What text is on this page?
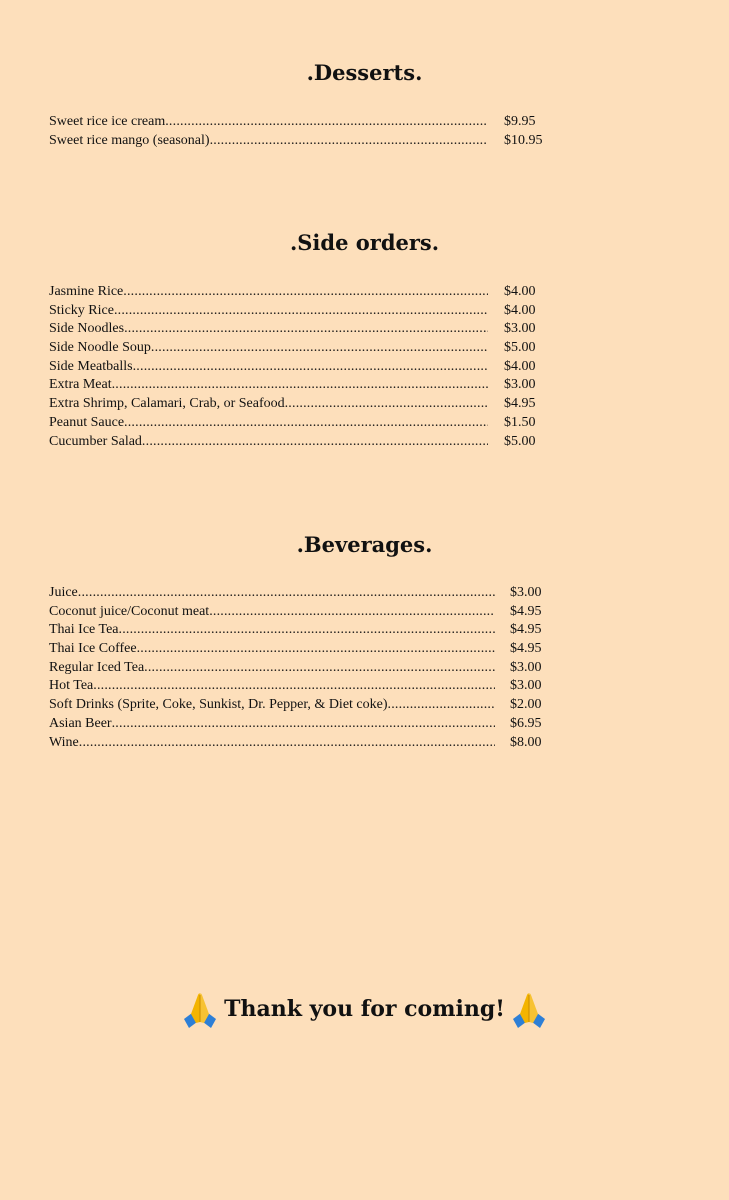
.Desserts.
Sweet rice ice cream .....	$9.95
Sweet rice mango (seasonal) .....	$10.95
.Side orders.
Jasmine Rice .....	$4.00
Sticky Rice .....	$4.00
Side Noodles .....	$3.00
Side Noodle Soup .....	$5.00
Side Meatballs .....	$4.00
Extra Meat .....	$3.00
Extra Shrimp, Calamari, Crab, or Seafood .....	$4.95
Peanut Sauce .....	$1.50
Cucumber Salad .....	$5.00
.Beverages.
Juice .....	$3.00
Coconut juice/Coconut meat .....	$4.95
Thai Ice Tea .....	$4.95
Thai Ice Coffee .....	$4.95
Regular Iced Tea .....	$3.00
Hot Tea .....	$3.00
Soft Drinks (Sprite, Coke, Sunkist, Dr. Pepper, & Diet coke) .....	$2.00
Asian Beer .....	$6.95
Wine .....	$8.00
Thank you for coming!
